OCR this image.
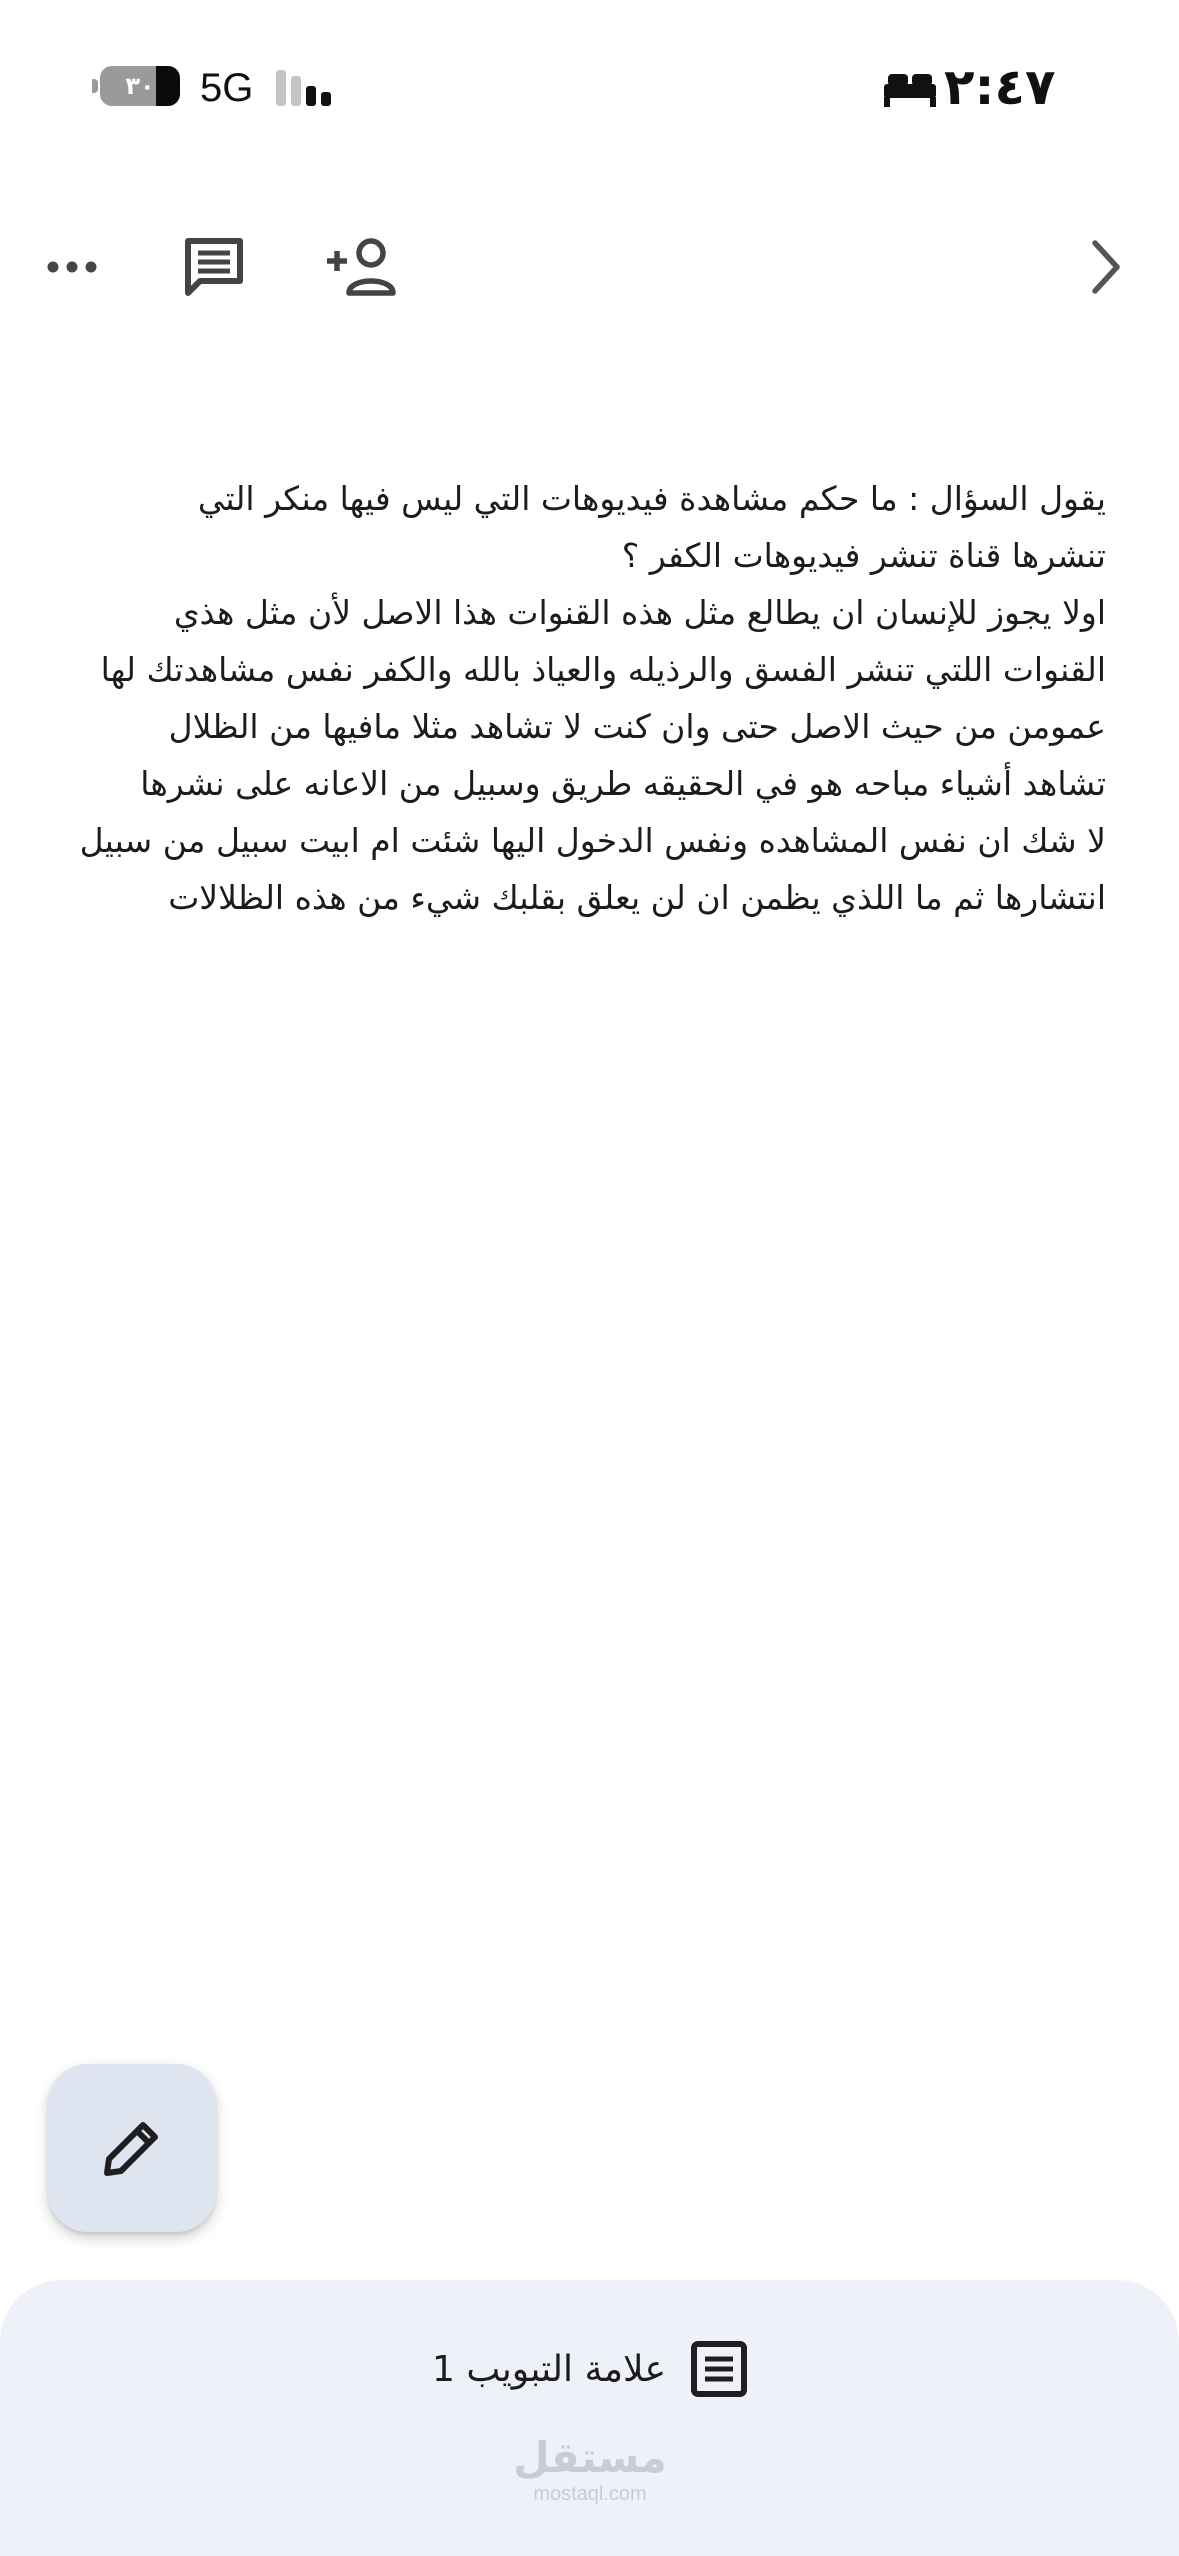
٣٠	5G	٢:٤٧

يقول السؤال : ما حكم مشاهدة فيديوهات التي ليس فيها منكر التي

تنشرها قناة تنشر فيديوهات الكفر ؟

اولا يجوز للإنسان ان يطالع مثل هذه القنوات هذا الاصل لأن مثل هذي

القنوات اللتي تنشر الفسق والرذيله والعياذ بالله والكفر نفس مشاهدتك لها

عمومن من حيث الاصل حتى وان كنت لا تشاهد مثلا مافيها من الظلال

تشاهد أشياء مباحه هو في الحقيقه طريق وسبيل من الاعانه على نشرها

لا شك ان نفس المشاهده ونفس الدخول اليها شئت ام ابيت سبيل من سبيل

انتشارها ثم ما اللذي يظمن ان لن يعلق بقلبك شيء من هذه الظلالات

علامة التبويب 1
مستقل
mostaql.com
